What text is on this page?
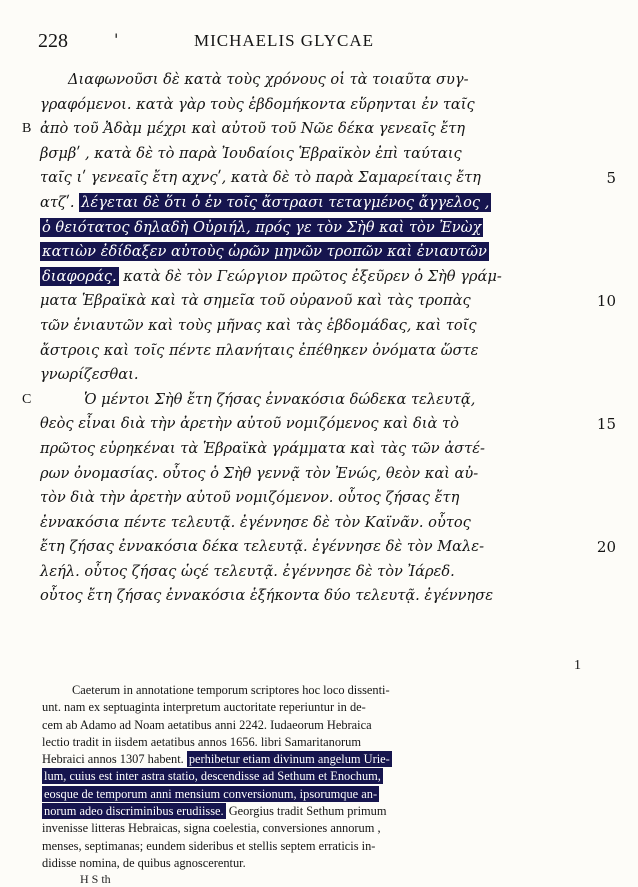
228	'	MICHAELIS GLYCAE
Διαφωνοῦσι δὲ κατὰ τοὺς χρόνους οἱ τὰ τοιαῦτα συγ-
γραφόμενοι. κατὰ γὰρ τοὺς ἑβδομήκοντα εὕρηνται ἐν ταῖς
ἀπὸ τοῦ Ἀδὰμ μέχρι καὶ αὐτοῦ τοῦ Νῶε δέκα γενεαῖς ἔτη
B
βσμβʹ , κατὰ δὲ τὸ παρὰ Ἰουδαίοις Ἑβραϊκὸν ἐπὶ ταύταις
ταῖς ιʹ γενεαῖς ἔτη αχνςʹ, κατὰ δὲ τὸ παρὰ Σαμαρείταις ἔτη	5
ατζʹ. λέγεται δὲ ὅτι ὁ ἐν τοῖς ἄστρασι τεταγμένος ἄγγελος ,
ὁ θειότατος δηλαδὴ Οὐριήλ, πρός γε τὸν Σὴθ καὶ τὸν Ἐνὼχ
κατιὼν ἐδίδαξεν αὐτοὺς ὡρῶν μηνῶν τροπῶν καὶ ἐνιαυτῶν
διαφοράς. κατὰ δὲ τὸν Γεώργιον πρῶτος ἐξεῦρεν ὁ Σὴθ γράμ-
ματα Ἑβραϊκὰ καὶ τὰ σημεῖα τοῦ οὐρανοῦ καὶ τὰς τροπὰς	10
τῶν ἐνιαυτῶν καὶ τοὺς μῆνας καὶ τὰς ἑβδομάδας, καὶ τοῖς
ἄστροις καὶ τοῖς πέντε πλανήταις ἐπέθηκεν ὀνόματα ὥστε
γνωρίζεσθαι.
Ὁ μέντοι Σὴθ ἔτη ζήσας ἐννακόσια δώδεκα τελευτᾷ,
C
θεὸς εἶναι διὰ τὴν ἀρετὴν αὐτοῦ νομιζόμενος καὶ διὰ τὸ	15
πρῶτος εὑρηκέναι τὰ Ἑβραϊκὰ γράμματα καὶ τὰς τῶν ἀστέ-
ρων ὀνομασίας. οὗτος ὁ Σὴθ γεννᾷ τὸν Ἐνώς, θεὸν καὶ αὐ-
τὸν διὰ τὴν ἀρετὴν αὐτοῦ νομιζόμενον. οὗτος ζήσας ἔτη
ἐννακόσια πέντε τελευτᾷ. ἐγέννησε δὲ τὸν Καϊνᾶν. οὗτος
ἔτη ζήσας ἐννακόσια δέκα τελευτᾷ. ἐγέννησε δὲ τὸν Μαλε-	20
λεήλ. οὗτος ζήσας ὡςέ τελευτᾷ. ἐγέννησε δὲ τὸν Ἰάρεδ.
οὗτος ἔτη ζήσας ἐννακόσια ἑξήκοντα δύο τελευτᾷ. ἐγέννησε
1
Caeterum in annotatione temporum scriptores hoc loco dissenti-
unt. nam ex septuaginta interpretum auctoritate reperiuntur in de-
cem ab Adamo ad Noam aetatibus anni 2242. Iudaeorum Hebraica
lectio tradit in iisdem aetatibus annos 1656. libri Samaritanorum
Hebraici annos 1307 habent. perhibetur etiam divinum angelum Urie-
lum, cuius est inter astra statio, descendisse ad Sethum et Enochum,
eosque de temporum anni mensium conversionum, ipsorumque an-
norum adeo discriminibus erudiisse. Georgius tradit Sethum primum
invenisse litteras Hebraicas, signa coelestia, conversiones annorum ,
menses, septimanas; eundem sideribus et stellis septem erraticis in-
didisse nomina, de quibus agnoscerentur.
H S th
